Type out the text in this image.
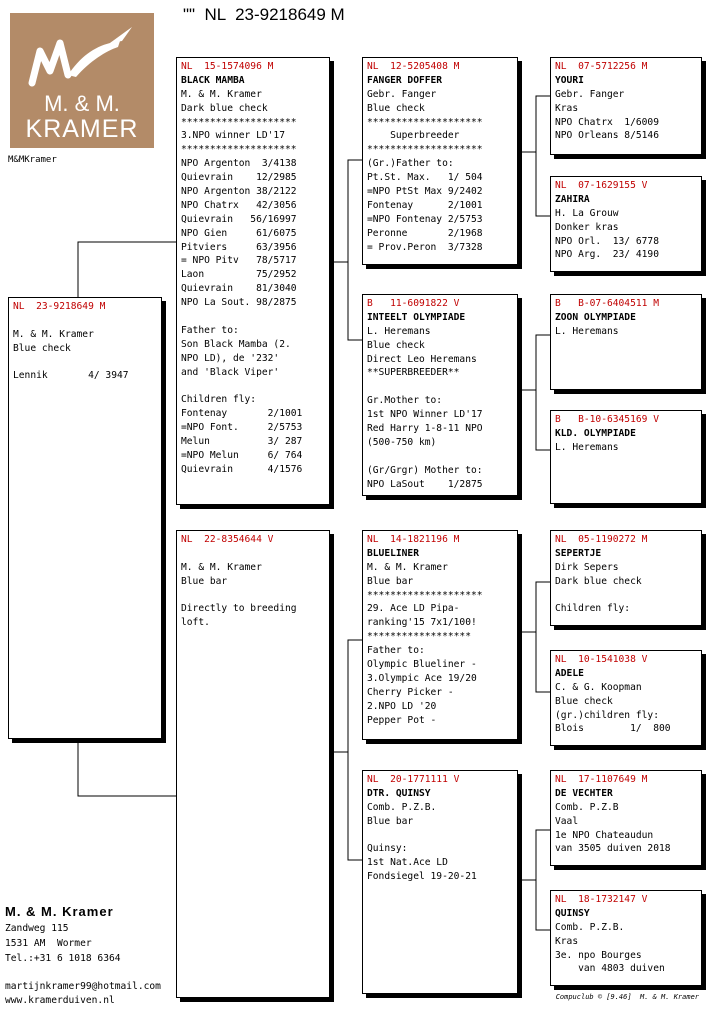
""  NL  23-9218649 M
M. & M.
KRAMER
M&MKramer
NL  23-9218649 M
M. & M. Kramer
Blue check
Lennik       4/ 3947
NL  15-1574096 M
BLACK MAMBA
M. & M. Kramer
Dark blue check
********************
3.NPO winner LD'17
********************
NPO Argenton  3/4138
Quievrain    12/2985
NPO Argenton 38/2122
NPO Chatrx   42/3056
Quievrain   56/16997
NPO Gien     61/6075
Pitviers     63/3956
= NPO Pitv   78/5717
Laon         75/2952
Quievrain    81/3040
NPO La Sout. 98/2875
Father to:
Son Black Mamba (2.
NPO LD), de '232'
and 'Black Viper'
Children fly:
Fontenay       2/1001
=NPO Font.     2/5753
Melun          3/ 287
=NPO Melun     6/ 764
Quievrain      4/1576
NL  22-8354644 V
M. & M. Kramer
Blue bar
Directly to breeding
loft.
NL  12-5205408 M
FANGER DOFFER
Gebr. Fanger
Blue check
********************
Superbreeder
********************
(Gr.)Father to:
Pt.St. Max.   1/ 504
=NPO PtSt Max 9/2402
Fontenay      2/1001
=NPO Fontenay 2/5753
Peronne       2/1968
= Prov.Peron  3/7328
B   11-6091822 V
INTEELT OLYMPIADE
L. Heremans
Blue check
Direct Leo Heremans
**SUPERBREEDER**
Gr.Mother to:
1st NPO Winner LD'17
Red Harry 1-8-11 NPO
(500-750 km)
(Gr/Grgr) Mother to:
NPO LaSout    1/2875
NL  14-1821196 M
BLUELINER
M. & M. Kramer
Blue bar
********************
29. Ace LD Pipa-
ranking'15 7x1/100!
******************
Father to:
Olympic Blueliner -
3.Olympic Ace 19/20
Cherry Picker -
2.NPO LD '20
Pepper Pot -
NL  20-1771111 V
DTR. QUINSY
Comb. P.Z.B.
Blue bar
Quinsy:
1st Nat.Ace LD
Fondsiegel 19-20-21
NL  07-5712256 M
YOURI
Gebr. Fanger
Kras
NPO Chatrx  1/6009
NPO Orleans 8/5146
NL  07-1629155 V
ZAHIRA
H. La Grouw
Donker kras
NPO Orl.  13/ 6778
NPO Arg.  23/ 4190
B   B-07-6404511 M
ZOON OLYMPIADE
L. Heremans
B   B-10-6345169 V
KLD. OLYMPIADE
L. Heremans
NL  05-1190272 M
SEPERTJE
Dirk Sepers
Dark blue check
Children fly:
NL  10-1541038 V
ADELE
C. & G. Koopman
Blue check
(gr.)children fly:
Blois        1/  800
NL  17-1107649 M
DE VECHTER
Comb. P.Z.B
Vaal
1e NPO Chateaudun
van 3505 duiven 2018
NL  18-1732147 V
QUINSY
Comb. P.Z.B.
Kras
3e. npo Bourges
van 4803 duiven
M. & M. Kramer
Zandweg 115
1531 AM  Wormer
Tel.:+31 6 1018 6364
martijnkramer99@hotmail.com
www.kramerduiven.nl	Compuclub © [9.46]  M. & M. Kramer
